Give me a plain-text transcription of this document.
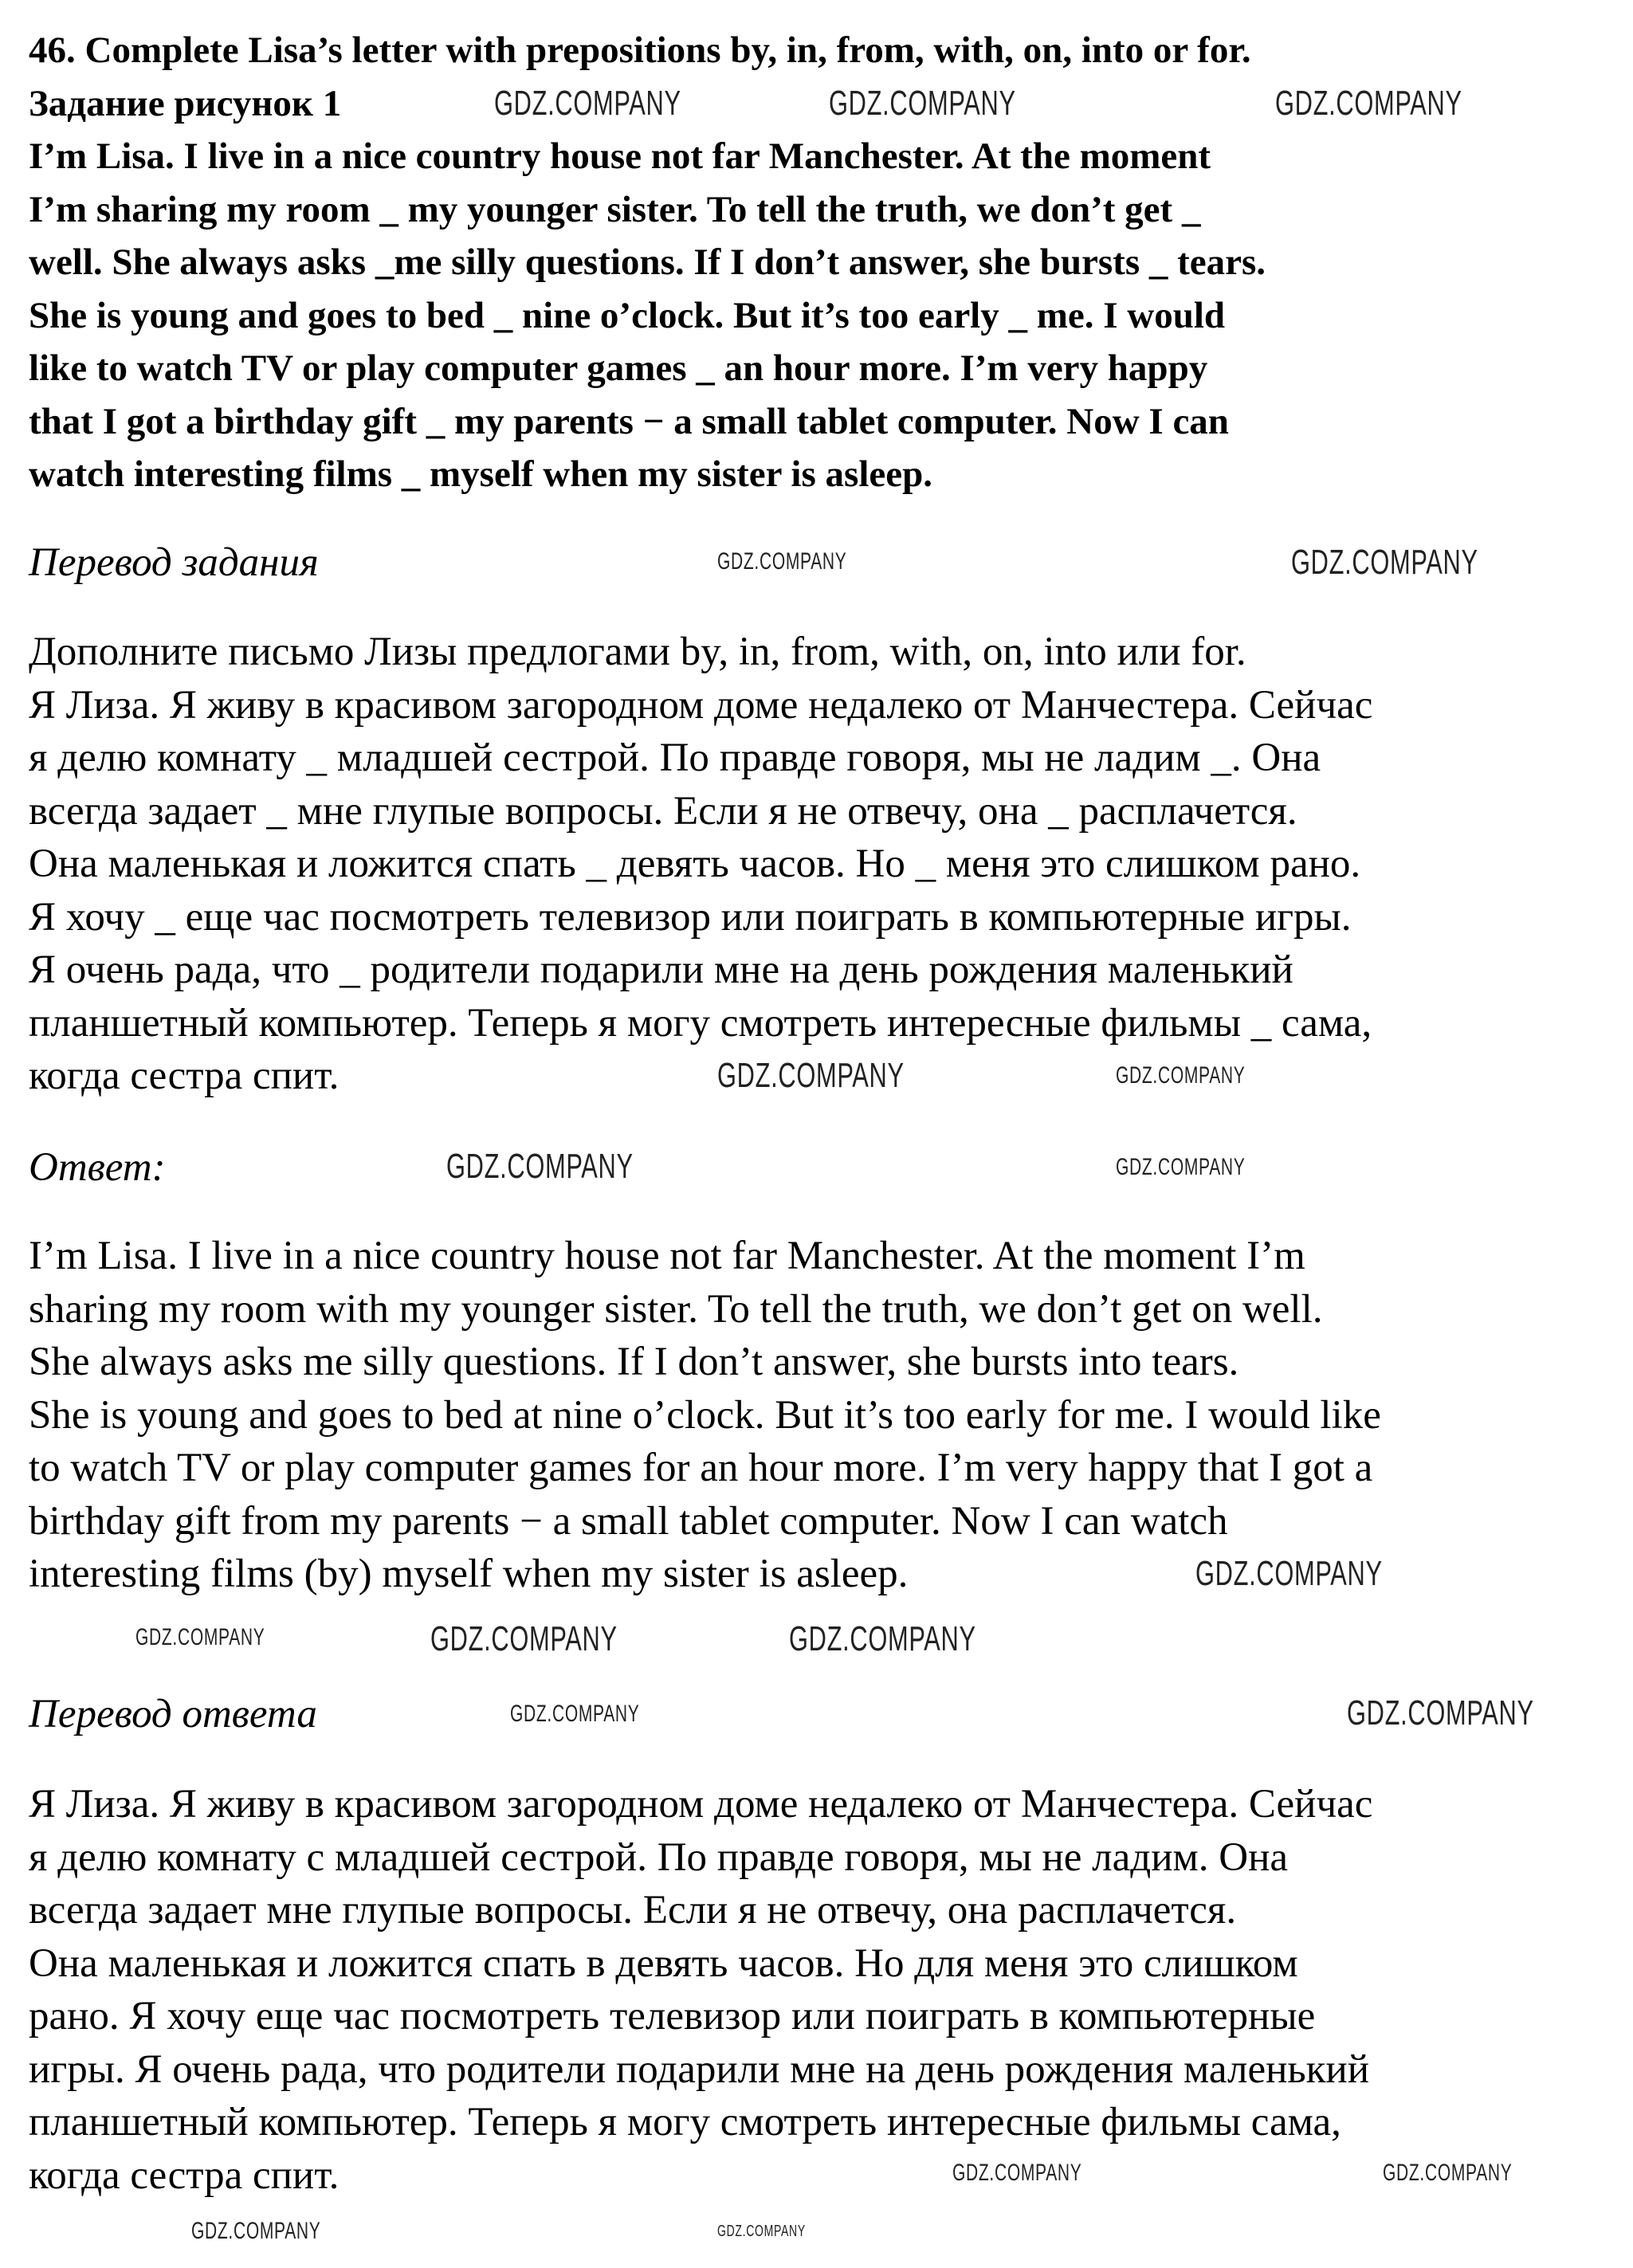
46. Complete Lisa’s letter with prepositions by, in, from, with, on, into or for.
Задание рисунок 1
I’m Lisa. I live in a nice country house not far Manchester. At the moment
I’m sharing my room _ my younger sister. To tell the truth, we don’t get _
well. She always asks _me silly questions. If I don’t answer, she bursts _ tears.
She is young and goes to bed _ nine o’clock. But it’s too early _ me. I would
like to watch TV or play computer games _ an hour more. I’m very happy
that I got a birthday gift _ my parents − a small tablet computer. Now I can
watch interesting films _ myself when my sister is asleep.
Перевод задания
Дополните письмо Лизы предлогами by, in, from, with, on, into или for.
Я Лиза. Я живу в красивом загородном доме недалеко от Манчестера. Сейчас
я делю комнату _ младшей сестрой. По правде говоря, мы не ладим _. Она
всегда задает _ мне глупые вопросы. Если я не отвечу, она _ расплачется.
Она маленькая и ложится спать _ девять часов. Но _ меня это слишком рано.
Я хочу _ еще час посмотреть телевизор или поиграть в компьютерные игры.
Я очень рада, что _ родители подарили мне на день рождения маленький
планшетный компьютер. Теперь я могу смотреть интересные фильмы _ сама,
когда сестра спит.
Ответ:
I’m Lisa. I live in a nice country house not far Manchester. At the moment I’m
sharing my room with my younger sister. To tell the truth, we don’t get on well.
She always asks me silly questions. If I don’t answer, she bursts into tears.
She is young and goes to bed at nine o’clock. But it’s too early for me. I would like
to watch TV or play computer games for an hour more. I’m very happy that I got a
birthday gift from my parents − a small tablet computer. Now I can watch
interesting films (by) myself when my sister is asleep.
Перевод ответа
Я Лиза. Я живу в красивом загородном доме недалеко от Манчестера. Сейчас
я делю комнату с младшей сестрой. По правде говоря, мы не ладим. Она
всегда задает мне глупые вопросы. Если я не отвечу, она расплачется.
Она маленькая и ложится спать в девять часов. Но для меня это слишком
рано. Я хочу еще час посмотреть телевизор или поиграть в компьютерные
игры. Я очень рада, что родители подарили мне на день рождения маленький
планшетный компьютер. Теперь я могу смотреть интересные фильмы сама,
когда сестра спит.
GDZ.COMPANY	GDZ.COMPANY	GDZ.COMPANY
GDZ.COMPANY
GDZ.COMPANY
GDZ.COMPANY	GDZ.COMPANY
GDZ.COMPANY	GDZ.COMPANY
GDZ.COMPANY
GDZ.COMPANY	GDZ.COMPANY
GDZ.COMPANY
GDZ.COMPANY
GDZ.COMPANY
GDZ.COMPANY	GDZ.COMPANY
GDZ.COMPANY	GDZ.COMPANY
